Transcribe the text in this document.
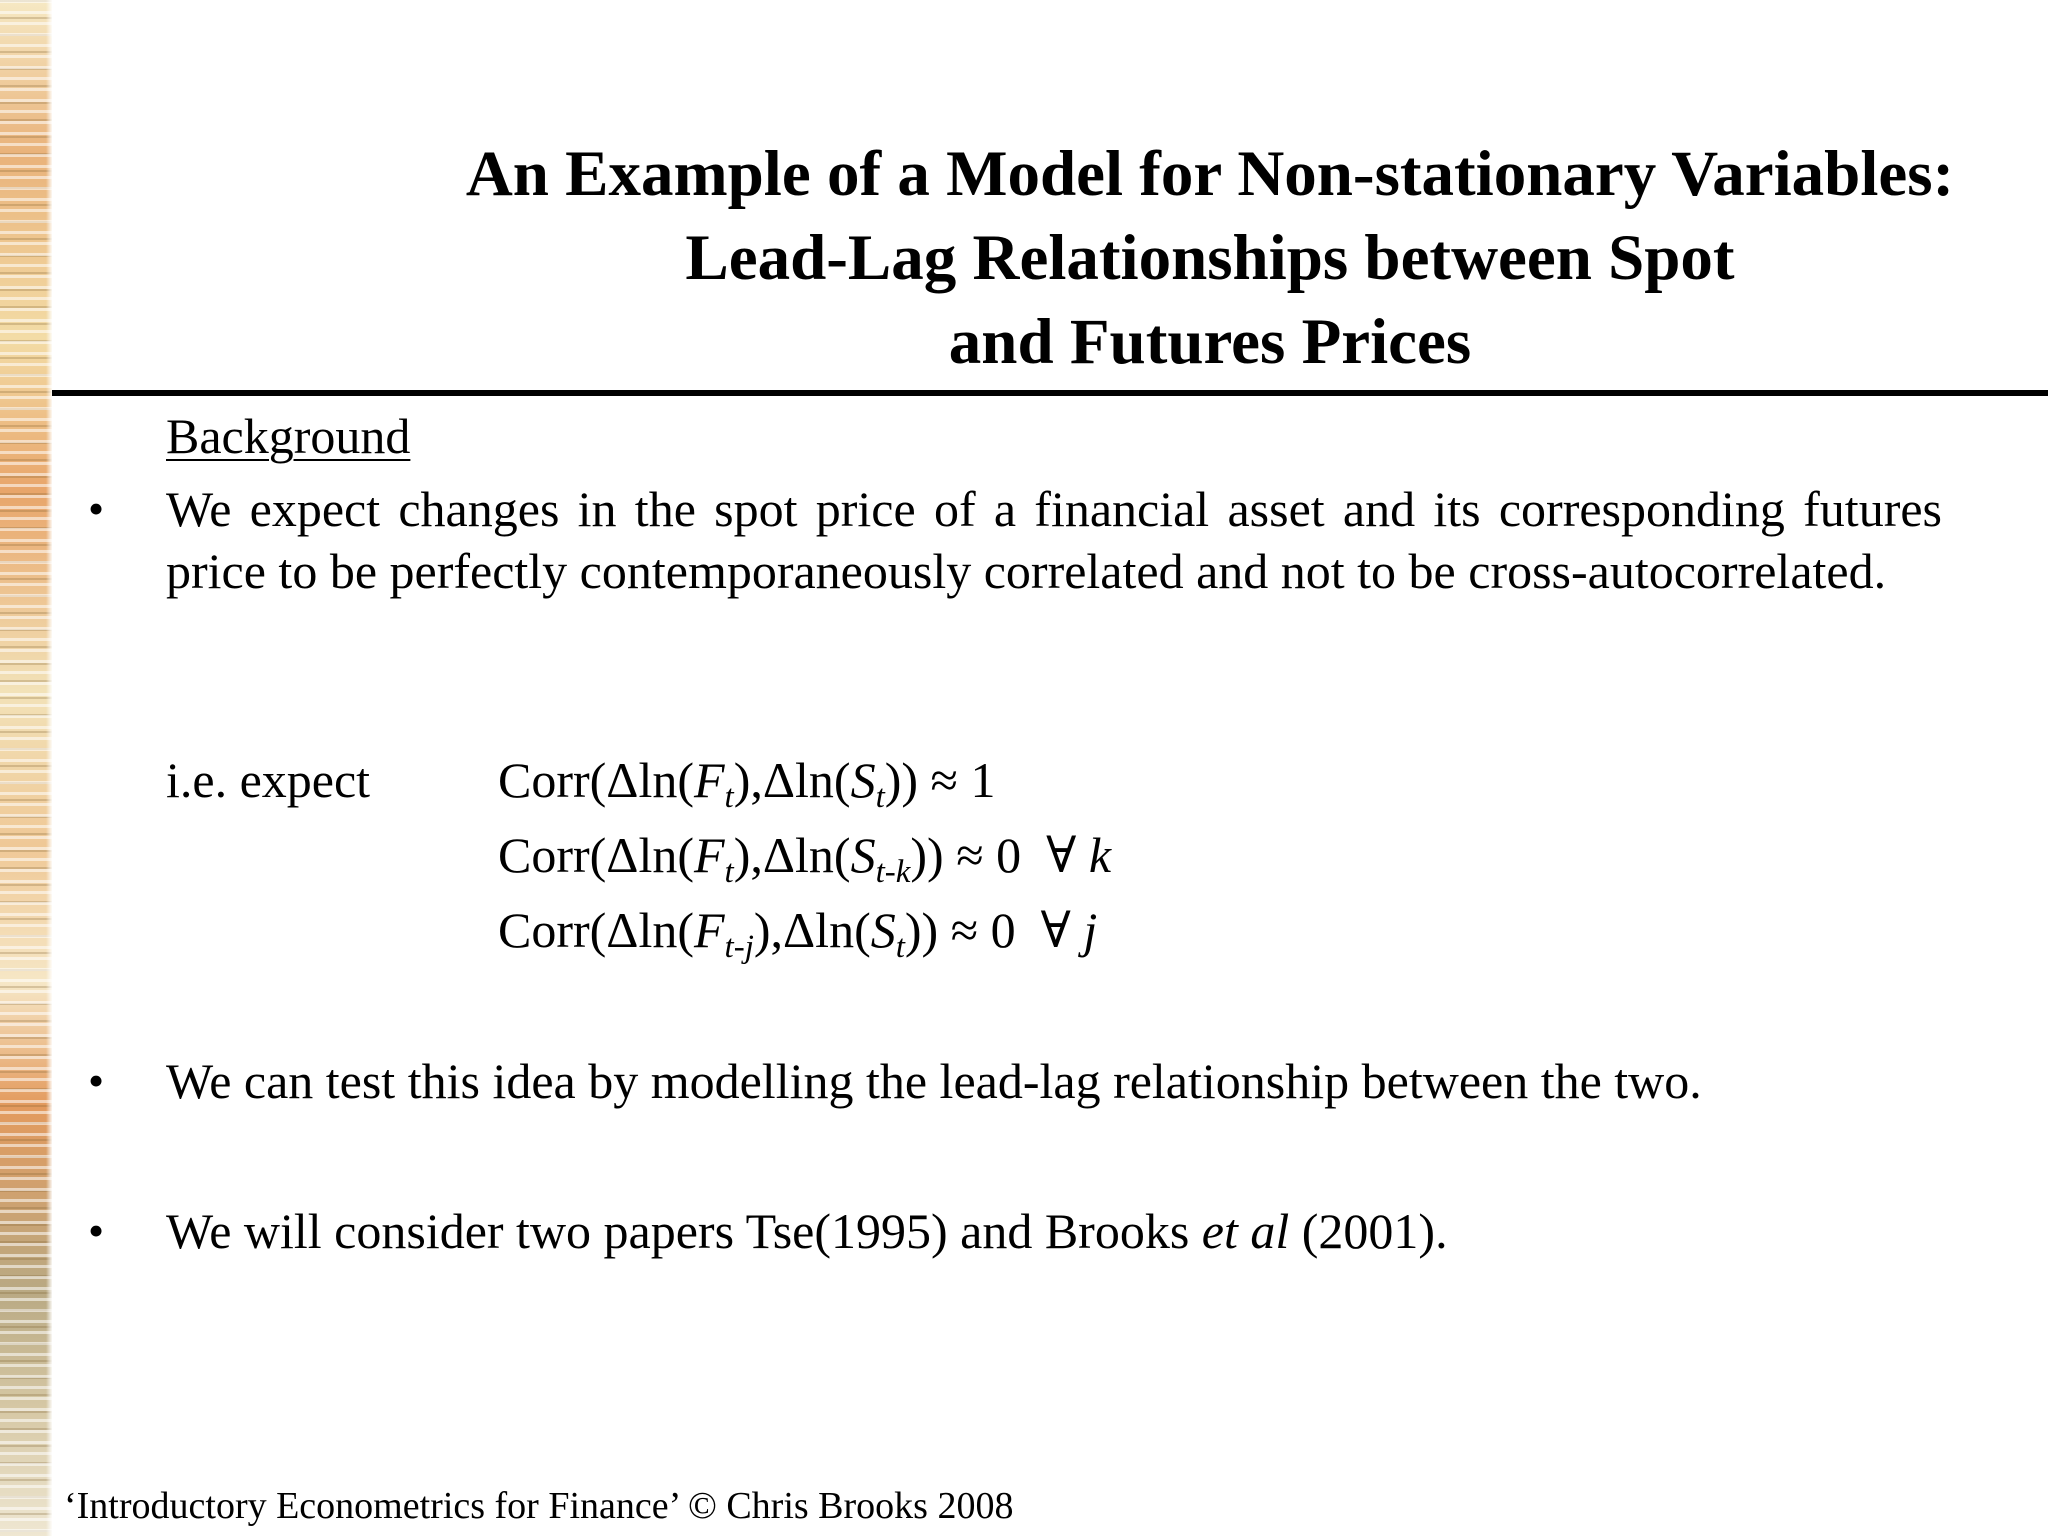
An Example of a Model for Non-stationary Variables:
Lead-Lag Relationships between Spot
and Futures Prices
Background
• We expect changes in the spot price of a financial asset and its corresponding futures price to be perfectly contemporaneously correlated and not to be cross-autocorrelated.
i.e. expect	$Corr(\Delta\ln(F_t),\Delta\ln(S_t)) \approx 1$
$Corr(\Delta\ln(F_t),\Delta\ln(S_{t-k})) \approx 0$ ∀ k
$Corr(\Delta\ln(F_{t-j}),\Delta\ln(S_t)) \approx 0$ ∀ j
• We can test this idea by modelling the lead-lag relationship between the two.
• We will consider two papers Tse(1995) and Brooks et al (2001).
‘Introductory Econometrics for Finance’ © Chris Brooks 2008
